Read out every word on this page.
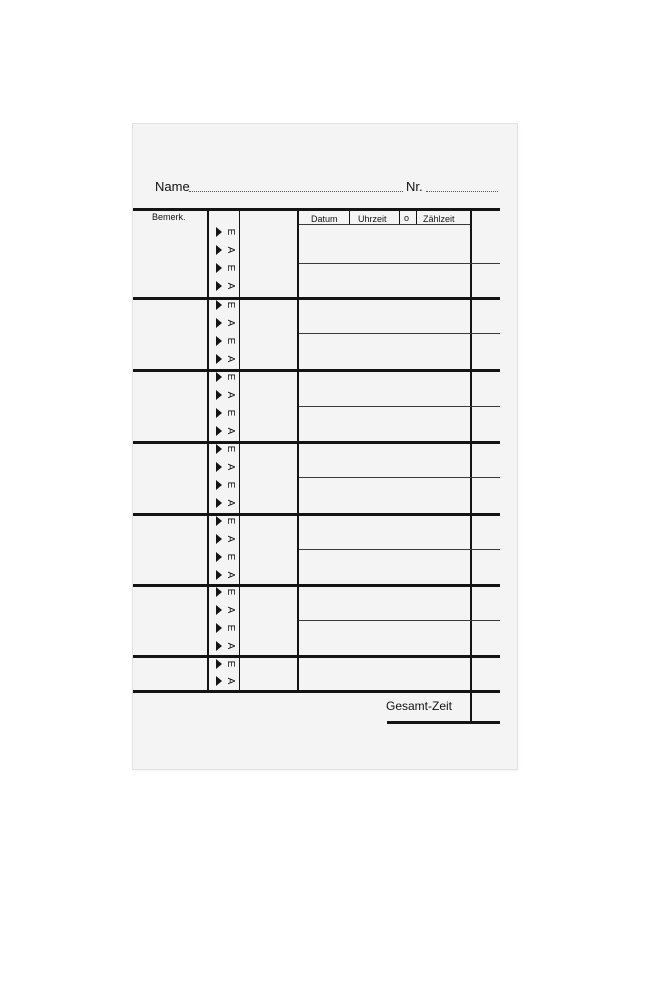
Name	Nr.
Bemerk.	Datum Uhrzeit o Zählzeit
E
A
E
A
E
A
E
A
E
A
E
A
E
A
E
A
E
A
E
A
E
A
E
A
E
A
Gesamt-Zeit
